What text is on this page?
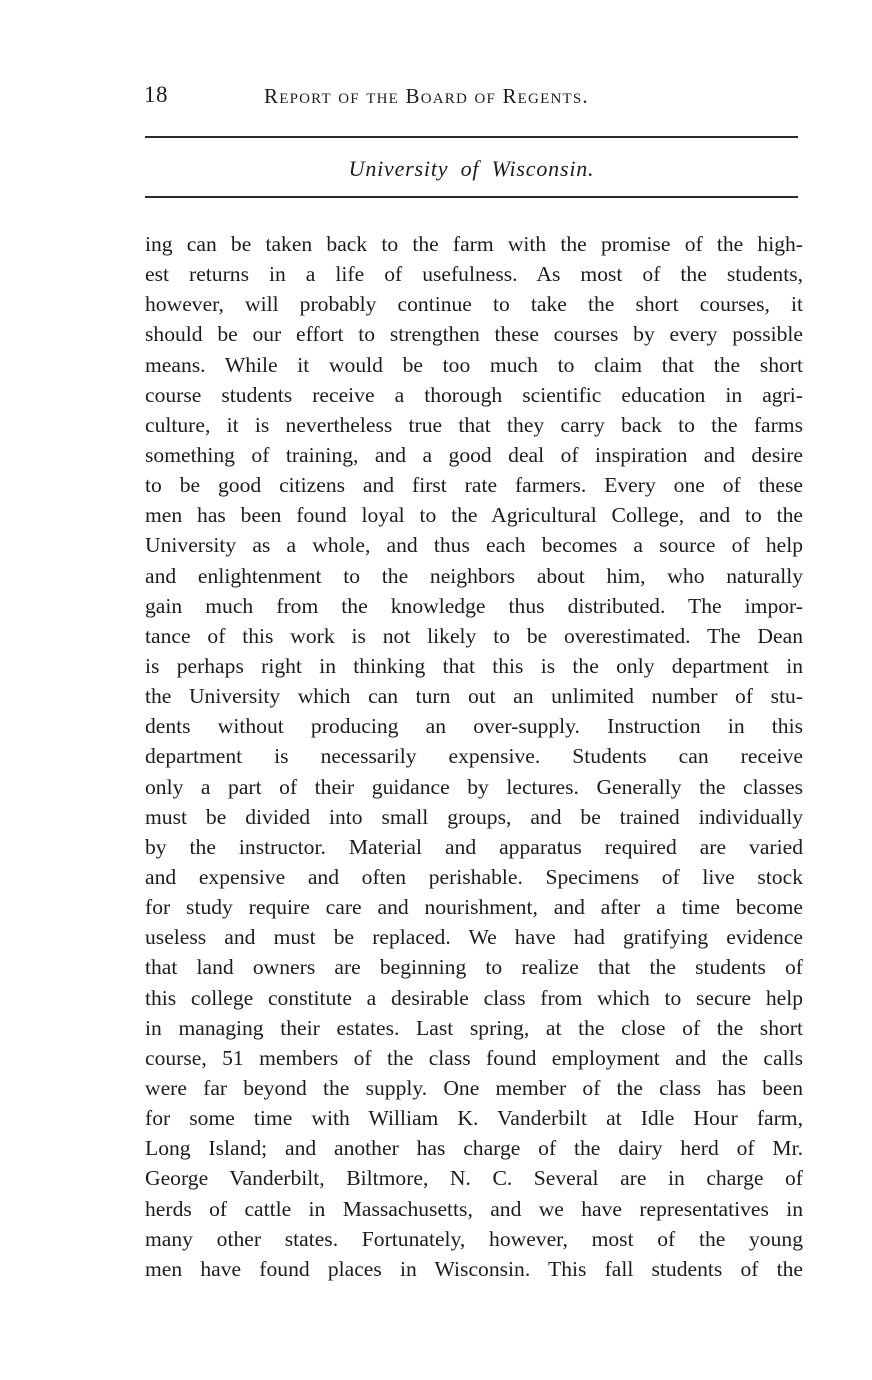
18	Report of the Board of Regents.
University of Wisconsin.
ing can be taken back to the farm with the promise of the high-
est returns in a life of usefulness. As most of the students,
however, will probably continue to take the short courses, it
should be our effort to strengthen these courses by every possible
means. While it would be too much to claim that the short
course students receive a thorough scientific education in agri-
culture, it is nevertheless true that they carry back to the farms
something of training, and a good deal of inspiration and desire
to be good citizens and first rate farmers. Every one of these
men has been found loyal to the Agricultural College, and to the
University as a whole, and thus each becomes a source of help
and enlightenment to the neighbors about him, who naturally
gain much from the knowledge thus distributed. The impor-
tance of this work is not likely to be overestimated. The Dean
is perhaps right in thinking that this is the only department in
the University which can turn out an unlimited number of stu-
dents without producing an over-supply. Instruction in this
department is necessarily expensive. Students can receive
only a part of their guidance by lectures. Generally the classes
must be divided into small groups, and be trained individually
by the instructor. Material and apparatus required are varied
and expensive and often perishable. Specimens of live stock
for study require care and nourishment, and after a time become
useless and must be replaced. We have had gratifying evidence
that land owners are beginning to realize that the students of
this college constitute a desirable class from which to secure help
in managing their estates. Last spring, at the close of the short
course, 51 members of the class found employment and the calls
were far beyond the supply. One member of the class has been
for some time with William K. Vanderbilt at Idle Hour farm,
Long Island; and another has charge of the dairy herd of Mr.
George Vanderbilt, Biltmore, N. C. Several are in charge of
herds of cattle in Massachusetts, and we have representatives in
many other states. Fortunately, however, most of the young
men have found places in Wisconsin. This fall students of the
